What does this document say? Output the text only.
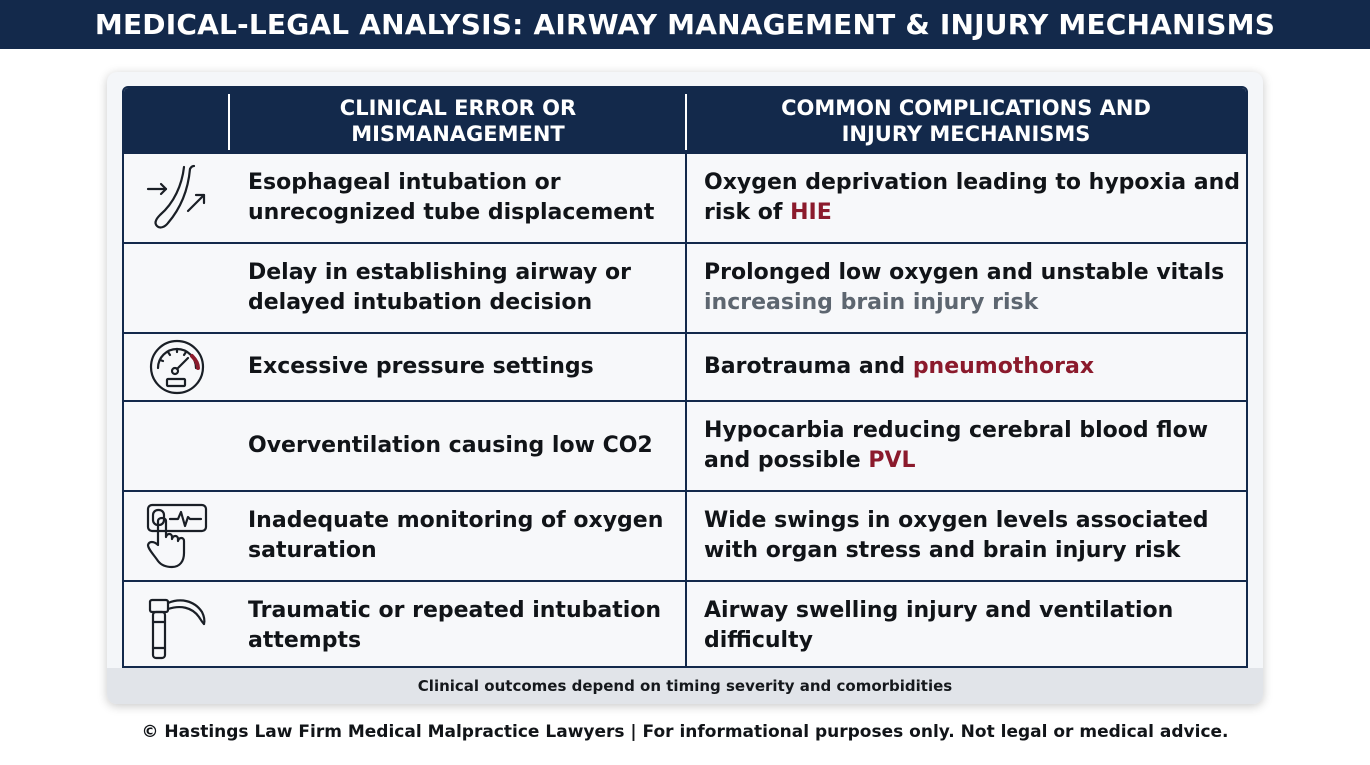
MEDICAL-LEGAL ANALYSIS: AIRWAY MANAGEMENT & INJURY MECHANISMS
Clinical outcomes depend on timing severity and comorbidities
CLINICAL ERROR OR
MISMANAGEMENT
COMMON COMPLICATIONS AND
INJURY MECHANISMS
Esophageal intubation or unrecognized tube displacement
Oxygen deprivation leading to hypoxia and risk of HIE
Delay in establishing airway or delayed intubation decision
Prolonged low oxygen and unstable vitals
increasing brain injury risk
Excessive pressure settings	Barotrauma and pneumothorax
Overventilation causing low CO2
Hypocarbia reducing cerebral blood flow and possible PVL
Inadequate monitoring of oxygen saturation
Wide swings in oxygen levels associated with organ stress and brain injury risk
Traumatic or repeated intubation attempts
Airway swelling injury and ventilation difficulty
© Hastings Law Firm Medical Malpractice Lawyers | For informational purposes only. Not legal or medical advice.
